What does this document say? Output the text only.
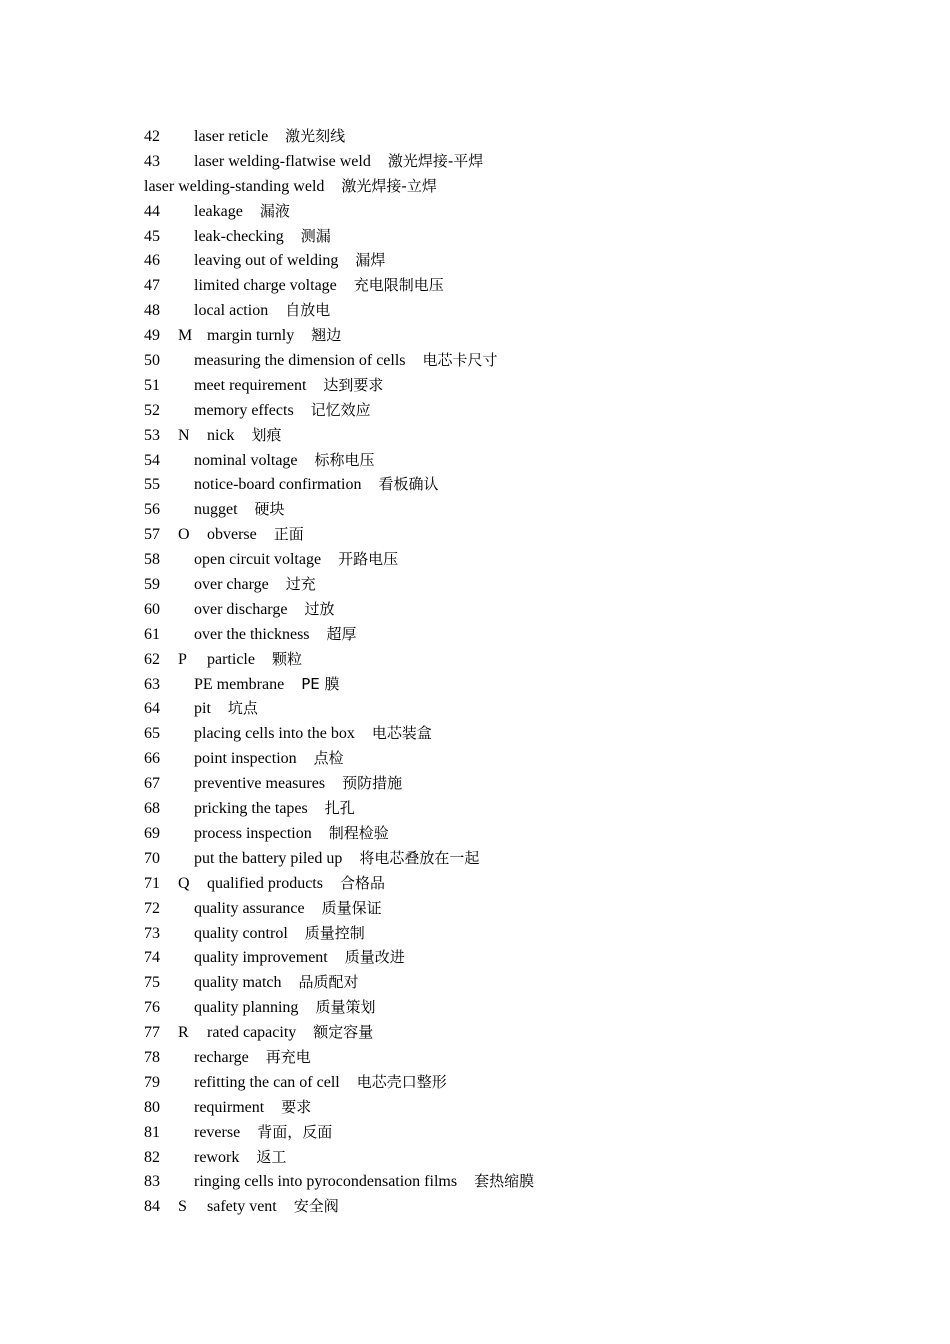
42 laser reticle 激光刻线
43 laser welding-flatwise weld 激光焊接-平焊
laser welding-standing weld 激光焊接-立焊
44 leakage 漏液
45 leak-checking 测漏
46 leaving out of welding 漏焊
47 limited charge voltage 充电限制电压
48 local action 自放电
49 M margin turnly 翘边
50 measuring the dimension of cells 电芯卡尺寸
51 meet requirement 达到要求
52 memory effects 记忆效应
53 N nick 划痕
54 nominal voltage 标称电压
55 notice-board confirmation 看板确认
56 nugget 硬块
57 O obverse 正面
58 open circuit voltage 开路电压
59 over charge 过充
60 over discharge 过放
61 over the thickness 超厚
62 P particle 颗粒
63 PE membrane PE 膜
64 pit 坑点
65 placing cells into the box 电芯装盒
66 point inspection 点检
67 preventive measures 预防措施
68 pricking the tapes 扎孔
69 process inspection 制程检验
70 put the battery piled up 将电芯叠放在一起
71 Q qualified products 合格品
72 quality assurance 质量保证
73 quality control 质量控制
74 quality improvement 质量改进
75 quality match 品质配对
76 quality planning 质量策划
77 R rated capacity 额定容量
78 recharge 再充电
79 refitting the can of cell 电芯壳口整形
80 requirment 要求
81 reverse 背面，反面
82 rework 返工
83 ringing cells into pyrocondensation films 套热缩膜
84 S safety vent 安全阀
